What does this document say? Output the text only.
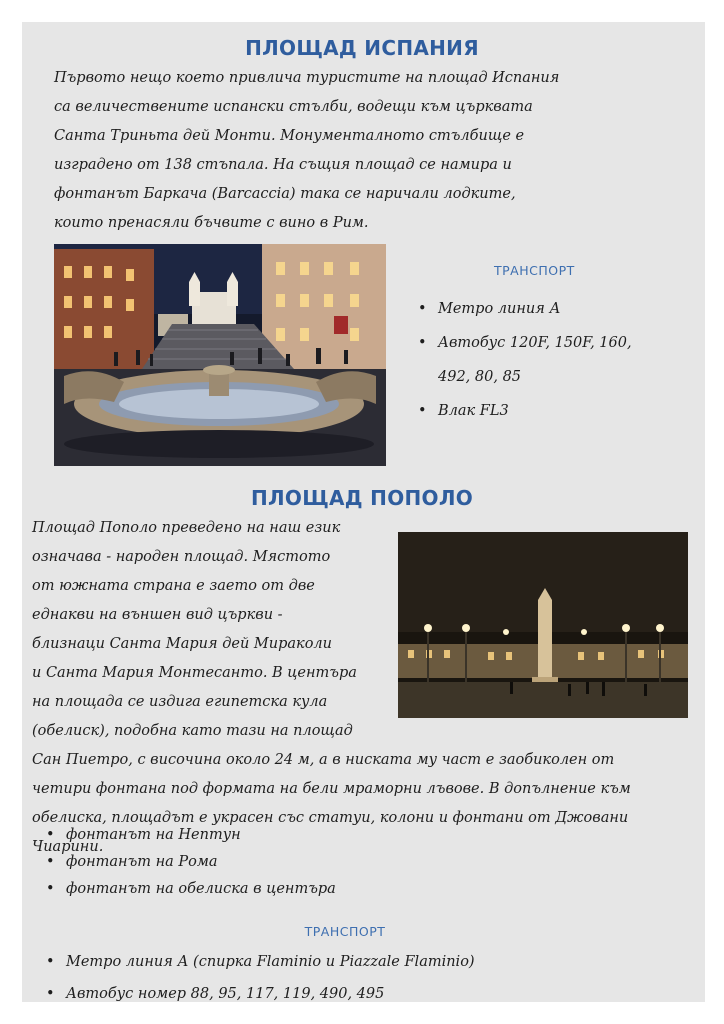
ПЛОЩАД ИСПАНИЯ
Първото нещо което привлича туристите на площад Испания
са величествените испански стълби, водещи към църквата
Санта Триньта дей Монти. Монументалното стълбище е
изградено от 138 стъпала. На същия площад се намира и
фонтанът Баркача (Barcaccia) така се наричали лодките,
които пренасяли бъчвите с вино в Рим.
ТРАНСПОРТ
• Метро линия А
• Автобус 120F, 150F, 160,
492, 80, 85
• Влак FL3
ПЛОЩАД ПОПОЛО
Площад Пополо преведено на наш език
означава - народен площад. Мястото
от южната страна е заето от две
еднакви на външен вид църкви -
близнаци Санта Мария дей Мираколи
и Санта Мария Монтесанто. В центъра
на площада се издига египетска кула
(обелиск), подобна като тази на площад
Сан Пиетро, с височина около 24 м, а в ниската му част е заобиколен от
четири фонтана под формата на бели мраморни лъвове. В допълнение към
обелиска, площадът е украсен със статуи, колони и фонтани от Джовани
Чиарини.
• фонтанът на Нептун
• фонтанът на Рома
• фонтанът на обелиска в центъра
ТРАНСПОРТ
• Метро линия А (спирка Flaminio и Piazzale Flaminio)
• Автобус номер 88, 95, 117, 119, 490, 495
